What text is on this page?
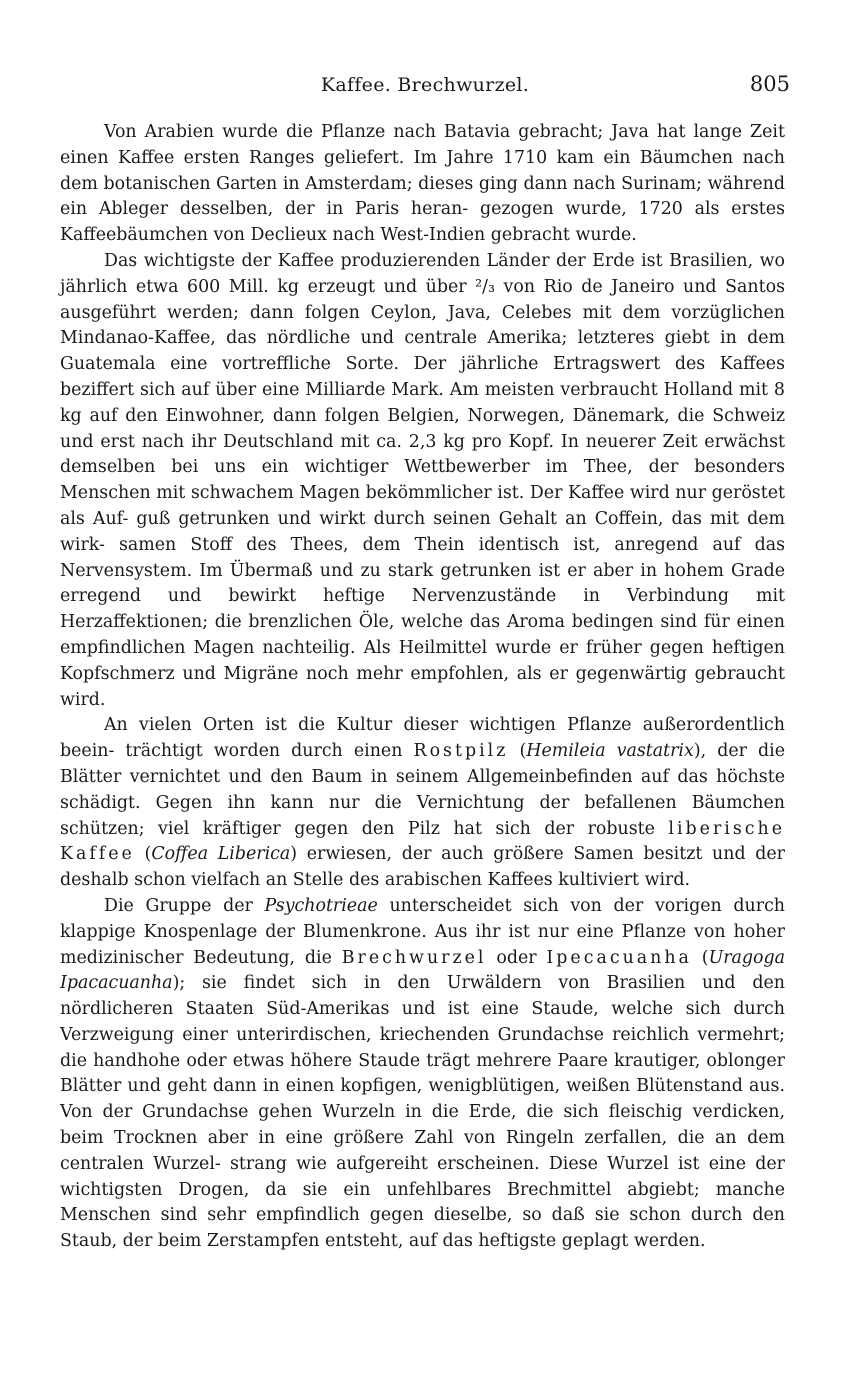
Kaffee. Brechwurzel.	805

Von Arabien wurde die Pflanze nach Batavia gebracht; Java hat lange Zeit einen Kaffee ersten Ranges geliefert. Im Jahre 1710 kam ein Bäumchen nach dem botanischen Garten in Amsterdam; dieses ging dann nach Surinam; während ein Ableger desselben, der in Paris heran- gezogen wurde, 1720 als erstes Kaffeebäumchen von Declieux nach West-Indien gebracht wurde.

Das wichtigste der Kaffee produzierenden Länder der Erde ist Brasilien, wo jährlich etwa 600 Mill. kg erzeugt und über ²/₃ von Rio de Janeiro und Santos ausgeführt werden; dann folgen Ceylon, Java, Celebes mit dem vorzüglichen Mindanao-Kaffee, das nördliche und centrale Amerika; letzteres giebt in dem Guatemala eine vortreffliche Sorte. Der jährliche Ertragswert des Kaffees beziffert sich auf über eine Milliarde Mark. Am meisten verbraucht Holland mit 8 kg auf den Einwohner, dann folgen Belgien, Norwegen, Dänemark, die Schweiz und erst nach ihr Deutschland mit ca. 2,3 kg pro Kopf. In neuerer Zeit erwächst demselben bei uns ein wichtiger Wettbewerber im Thee, der besonders Menschen mit schwachem Magen bekömmlicher ist. Der Kaffee wird nur geröstet als Auf- guß getrunken und wirkt durch seinen Gehalt an Coffein, das mit dem wirk- samen Stoff des Thees, dem Thein identisch ist, anregend auf das Nervensystem. Im Übermaß und zu stark getrunken ist er aber in hohem Grade erregend und bewirkt heftige Nervenzustände in Verbindung mit Herzaffektionen; die brenzlichen Öle, welche das Aroma bedingen sind für einen empfindlichen Magen nachteilig. Als Heilmittel wurde er früher gegen heftigen Kopfschmerz und Migräne noch mehr empfohlen, als er gegenwärtig gebraucht wird.

An vielen Orten ist die Kultur dieser wichtigen Pflanze außerordentlich beein- trächtigt worden durch einen Rostpilz (Hemileia vastatrix), der die Blätter vernichtet und den Baum in seinem Allgemeinbefinden auf das höchste schädigt. Gegen ihn kann nur die Vernichtung der befallenen Bäumchen schützen; viel kräftiger gegen den Pilz hat sich der robuste liberische Kaffee (Coffea Liberica) erwiesen, der auch größere Samen besitzt und der deshalb schon vielfach an Stelle des arabischen Kaffees kultiviert wird.

Die Gruppe der Psychotrieae unterscheidet sich von der vorigen durch klappige Knospenlage der Blumenkrone. Aus ihr ist nur eine Pflanze von hoher medizinischer Bedeutung, die Brechwurzel oder Ipecacuanha (Uragoga Ipacacuanha); sie findet sich in den Urwäldern von Brasilien und den nördlicheren Staaten Süd-Amerikas und ist eine Staude, welche sich durch Verzweigung einer unterirdischen, kriechenden Grundachse reichlich vermehrt; die handhohe oder etwas höhere Staude trägt mehrere Paare krautiger, oblonger Blätter und geht dann in einen kopfigen, wenigblütigen, weißen Blütenstand aus. Von der Grundachse gehen Wurzeln in die Erde, die sich fleischig verdicken, beim Trocknen aber in eine größere Zahl von Ringeln zerfallen, die an dem centralen Wurzel- strang wie aufgereiht erscheinen. Diese Wurzel ist eine der wichtigsten Drogen, da sie ein unfehlbares Brechmittel abgiebt; manche Menschen sind sehr empfindlich gegen dieselbe, so daß sie schon durch den Staub, der beim Zerstampfen entsteht, auf das heftigste geplagt werden.
